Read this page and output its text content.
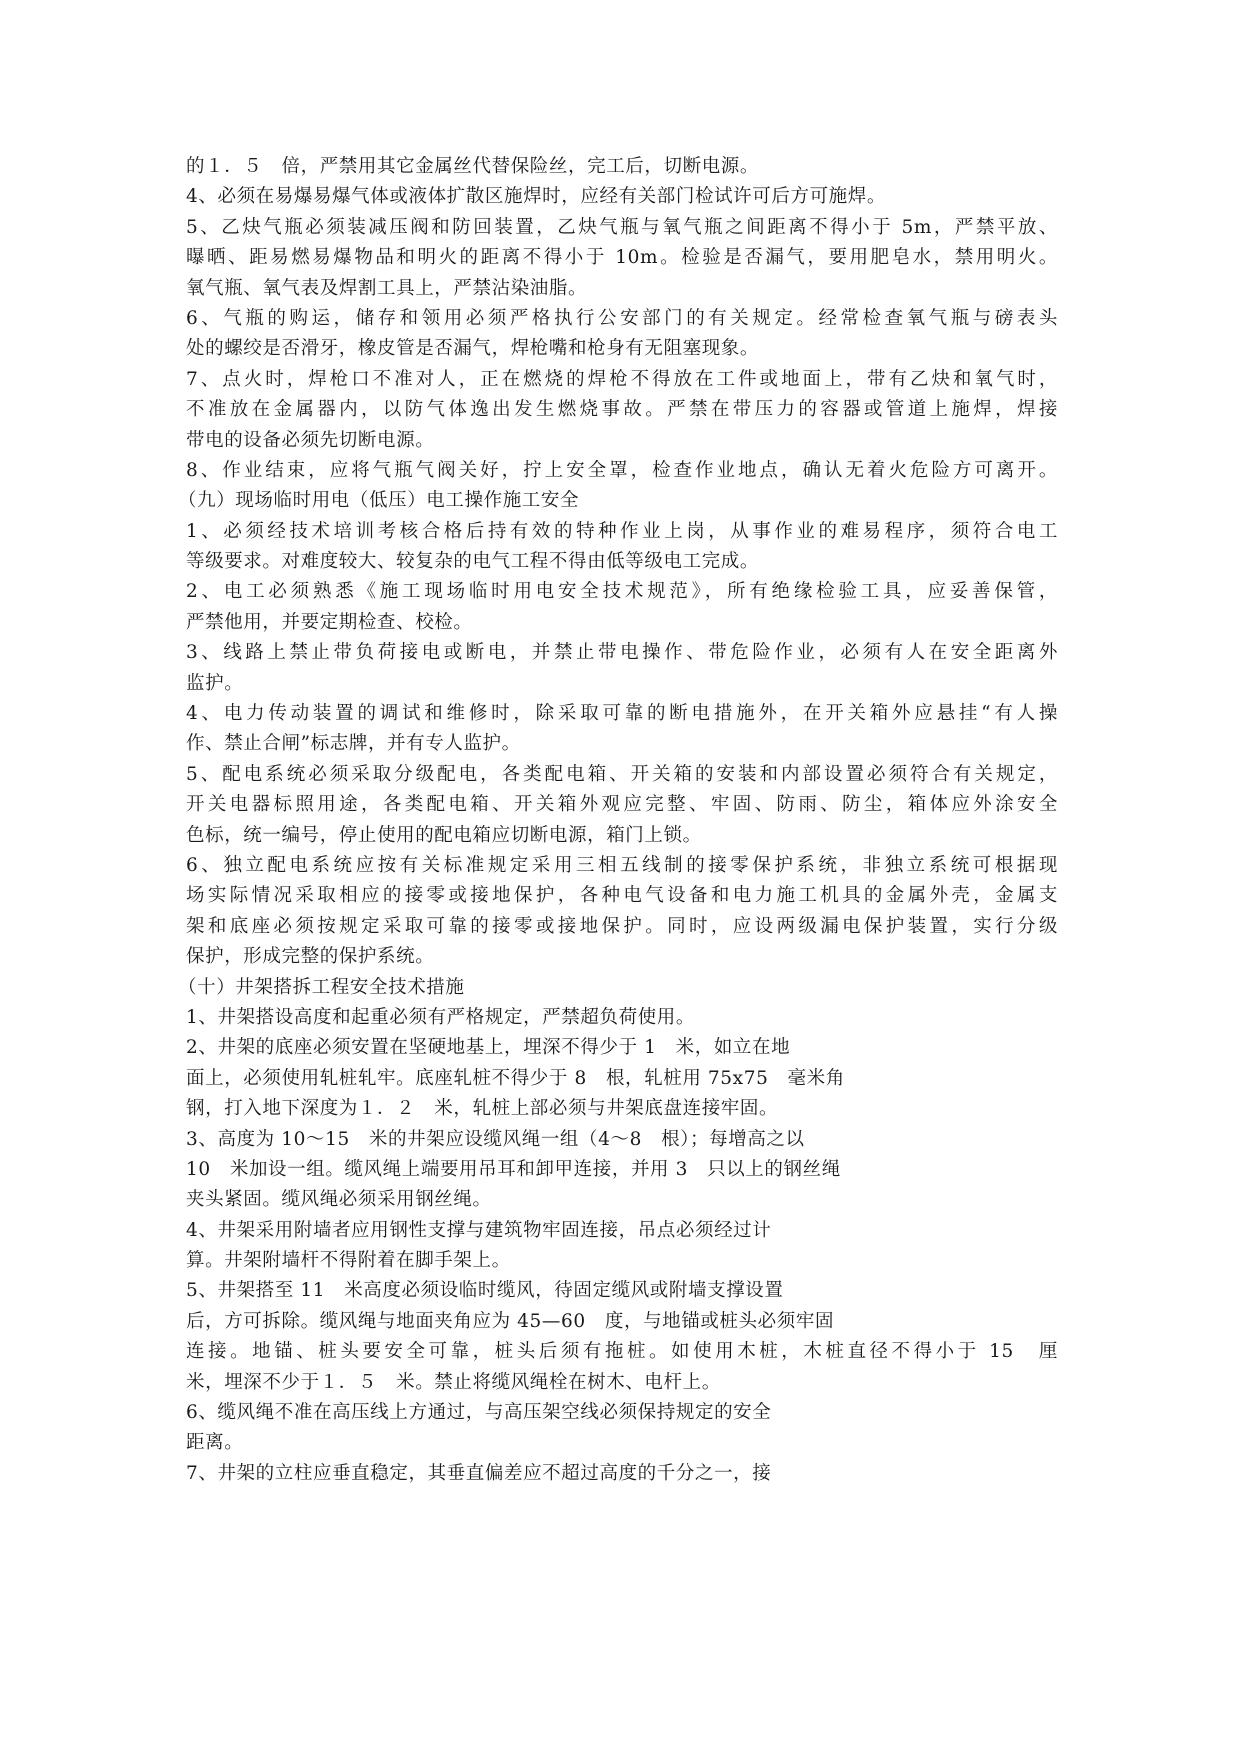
的１．５　倍，严禁用其它金属丝代替保险丝，完工后，切断电源。
4、必须在易爆易爆气体或液体扩散区施焊时，应经有关部门检试许可后方可施焊。
5、乙炔气瓶必须装减压阀和防回装置，乙炔气瓶与氧气瓶之间距离不得小于 5m，严禁平放、
曝晒、距易燃易爆物品和明火的距离不得小于 10m。检验是否漏气，要用肥皂水，禁用明火。
氧气瓶、氧气表及焊割工具上，严禁沾染油脂。
6、气瓶的购运，储存和领用必须严格执行公安部门的有关规定。经常检查氧气瓶与磅表头
处的螺绞是否滑牙，橡皮管是否漏气，焊枪嘴和枪身有无阻塞现象。
7、点火时，焊枪口不准对人，正在燃烧的焊枪不得放在工件或地面上，带有乙炔和氧气时，
不准放在金属器内，以防气体逸出发生燃烧事故。严禁在带压力的容器或管道上施焊，焊接
带电的设备必须先切断电源。
8、作业结束，应将气瓶气阀关好，拧上安全罩，检查作业地点，确认无着火危险方可离开。
（九）现场临时用电（低压）电工操作施工安全
1、必须经技术培训考核合格后持有效的特种作业上岗，从事作业的难易程序，须符合电工
等级要求。对难度较大、较复杂的电气工程不得由低等级电工完成。
2、电工必须熟悉《施工现场临时用电安全技术规范》，所有绝缘检验工具，应妥善保管，
严禁他用，并要定期检查、校检。
3、线路上禁止带负荷接电或断电，并禁止带电操作、带危险作业，必须有人在安全距离外
监护。
4、电力传动装置的调试和维修时，除采取可靠的断电措施外，在开关箱外应悬挂“有人操
作、禁止合闸”标志牌，并有专人监护。
5、配电系统必须采取分级配电，各类配电箱、开关箱的安装和内部设置必须符合有关规定，
开关电器标照用途，各类配电箱、开关箱外观应完整、牢固、防雨、防尘，箱体应外涂安全
色标，统一编号，停止使用的配电箱应切断电源，箱门上锁。
6、独立配电系统应按有关标准规定采用三相五线制的接零保护系统，非独立系统可根据现
场实际情况采取相应的接零或接地保护，各种电气设备和电力施工机具的金属外壳，金属支
架和底座必须按规定采取可靠的接零或接地保护。同时，应设两级漏电保护装置，实行分级
保护，形成完整的保护系统。
（十）井架搭拆工程安全技术措施
1、井架搭设高度和起重必须有严格规定，严禁超负荷使用。
2、井架的底座必须安置在坚硬地基上，埋深不得少于 1　米，如立在地
面上，必须使用轧桩轧牢。底座轧桩不得少于 8　根，轧桩用 75x75　毫米角
钢，打入地下深度为１．２　米，轧桩上部必须与井架底盘连接牢固。
3、高度为 10～15　米的井架应设缆风绳一组（4～8　根）；每增高之以
10　米加设一组。缆风绳上端要用吊耳和卸甲连接，并用 3　只以上的钢丝绳
夹头紧固。缆风绳必须采用钢丝绳。
4、井架采用附墙者应用钢性支撑与建筑物牢固连接，吊点必须经过计
算。井架附墙杆不得附着在脚手架上。
5、井架搭至 11　米高度必须设临时缆风，待固定缆风或附墙支撑设置
后，方可拆除。缆风绳与地面夹角应为 45—60　度，与地锚或桩头必须牢固
连接。地锚、桩头要安全可靠，桩头后须有拖桩。如使用木桩，木桩直径不得小于 15　厘
米，埋深不少于１．５　米。禁止将缆风绳栓在树木、电杆上。
6、缆风绳不准在高压线上方通过，与高压架空线必须保持规定的安全
距离。
7、井架的立柱应垂直稳定，其垂直偏差应不超过高度的千分之一，接
